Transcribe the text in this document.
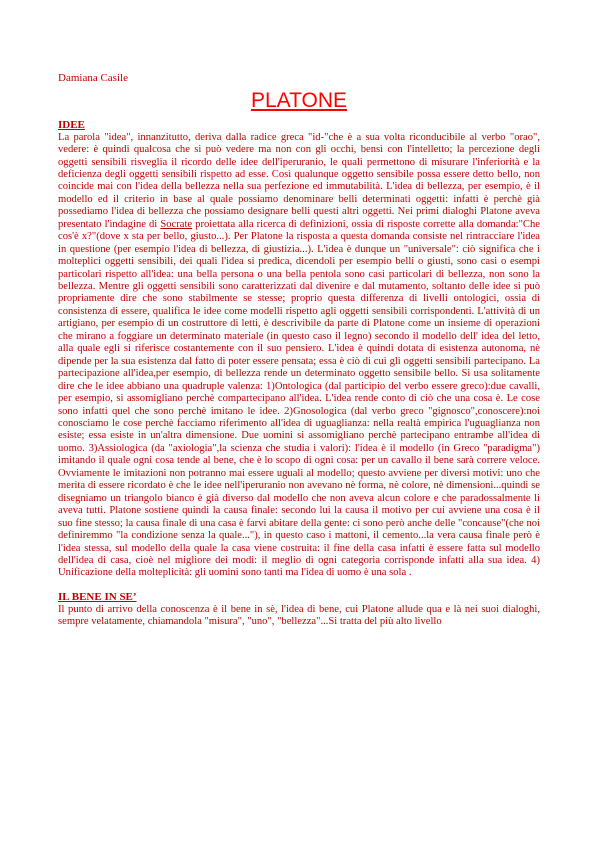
Damiana Casile

PLATONE
IDEE

La parola "idea", innanzitutto, deriva dalla radice greca "id-"che è a sua volta riconducibile al verbo "orao", vedere: è quindi qualcosa che si può vedere ma non con gli occhi, bensì con l'intelletto; la percezione degli oggetti sensibili risveglia il ricordo delle idee dell'iperuranio, le quali permettono di misurare l'inferiorità e la deficienza degli oggetti sensibili rispetto ad esse. Così qualunque oggetto sensibile possa essere detto bello, non coincide mai con l'idea della bellezza nella sua perfezione ed immutabilità. L'idea di bellezza, per esempio, è il modello ed il criterio in base al quale possiamo denominare belli determinati oggetti: infatti è perchè già possediamo l'idea di bellezza che possiamo designare belli questi altri oggetti. Nei primi dialoghi Platone aveva presentato l'indagine di Socrate proiettata alla ricerca di definizioni, ossia di risposte corrette alla domanda:"Che cos'è x?"(dove x sta per bello, giusto...). Per Platone la risposta a questa domanda consiste nel rintracciare l'idea in questione (per esempio l'idea di bellezza, di giustizia...). L'idea è dunque un "universale": ciò significa che i molteplici oggetti sensibili, dei quali l'idea si predica, dicendoli per esempio belli o giusti, sono casi o esempi particolari rispetto all'idea: una bella persona o una bella pentola sono casi particolari di bellezza, non sono la bellezza. Mentre gli oggetti sensibili sono caratterizzati dal divenire e dal mutamento, soltanto delle idee si può propriamente dire che sono stabilmente se stesse; proprio questa differenza di livelli ontologici, ossia di consistenza di essere, qualifica le idee come modelli rispetto agli oggetti sensibili corrispondenti. L'attività di un artigiano, per esempio di un costruttore di letti, è descrivibile da parte di Platone come un insieme di operazioni che mirano a foggiare un determinato materiale (in questo caso il legno) secondo il modello dell' idea del letto, alla quale egli si riferisce costantemente con il suo pensiero. L'idea è quindi dotata di esistenza autonoma, nè dipende per la sua esistenza dal fatto di poter essere pensata; essa è ciò di cui gli oggetti sensibili partecipano. La partecipazione all'idea,per esempio, di bellezza rende un determinato oggetto sensibile bello. Si usa solitamente dire che le idee abbiano una quadruple valenza: 1)Ontologica (dal participio del verbo essere greco):due cavalli, per esempio, si assomigliano perchè compartecipano all'idea. L'idea rende conto di ciò che una cosa è. Le cose sono infatti quel che sono perchè imitano le idee. 2)Gnosologica (dal verbo greco "gignosco",conoscere):noi conosciamo le cose perchè facciamo riferimento all'idea di uguaglianza: nella realtà empirica l'uguaglianza non esiste; essa esiste in un'altra dimensione. Due uomini si assomigliano perchè partecipano entrambe all'idea di uomo. 3)Assiologica (da "axiologia",la scienza che studia i valori): l'idea è il modello (in Greco "paradigma") imitando il quale ogni cosa tende al bene, che è lo scopo di ogni cosa: per un cavallo il bene sarà correre veloce. Ovviamente le imitazioni non potranno mai essere uguali al modello; questo avviene per diversi motivi: uno che merita di essere ricordato è che le idee nell'iperuranio non avevano nè forma, nè colore, nè dimensioni...quindi se disegniamo un triangolo bianco è già diverso dal modello che non aveva alcun colore e che paradossalmente li aveva tutti. Platone sostiene quindi la causa finale: secondo lui la causa il motivo per cui avviene una cosa è il suo fine stesso; la causa finale di una casa è farvi abitare della gente: ci sono però anche delle "concause"(che noi definiremmo "la condizione senza la quale..."), in questo caso i mattoni, il cemento...la vera causa finale però è l'idea stessa, sul modello della quale la casa viene costruita: il fine della casa infatti è essere fatta sul modello dell'idea di casa, cioè nel migliore dei modi: il meglio di ogni categoria corrisponde infatti alla sua idea. 4) Unificazione della molteplicità: gli uomini sono tanti ma l'idea di uomo è una sola .

IL BENE IN SE’

Il punto di arrivo della conoscenza è il bene in sè, l'idea di bene, cui Platone allude qua e là nei suoi dialoghi, sempre velatamente, chiamandola "misura", "uno", "bellezza"...Si tratta del più alto livello
